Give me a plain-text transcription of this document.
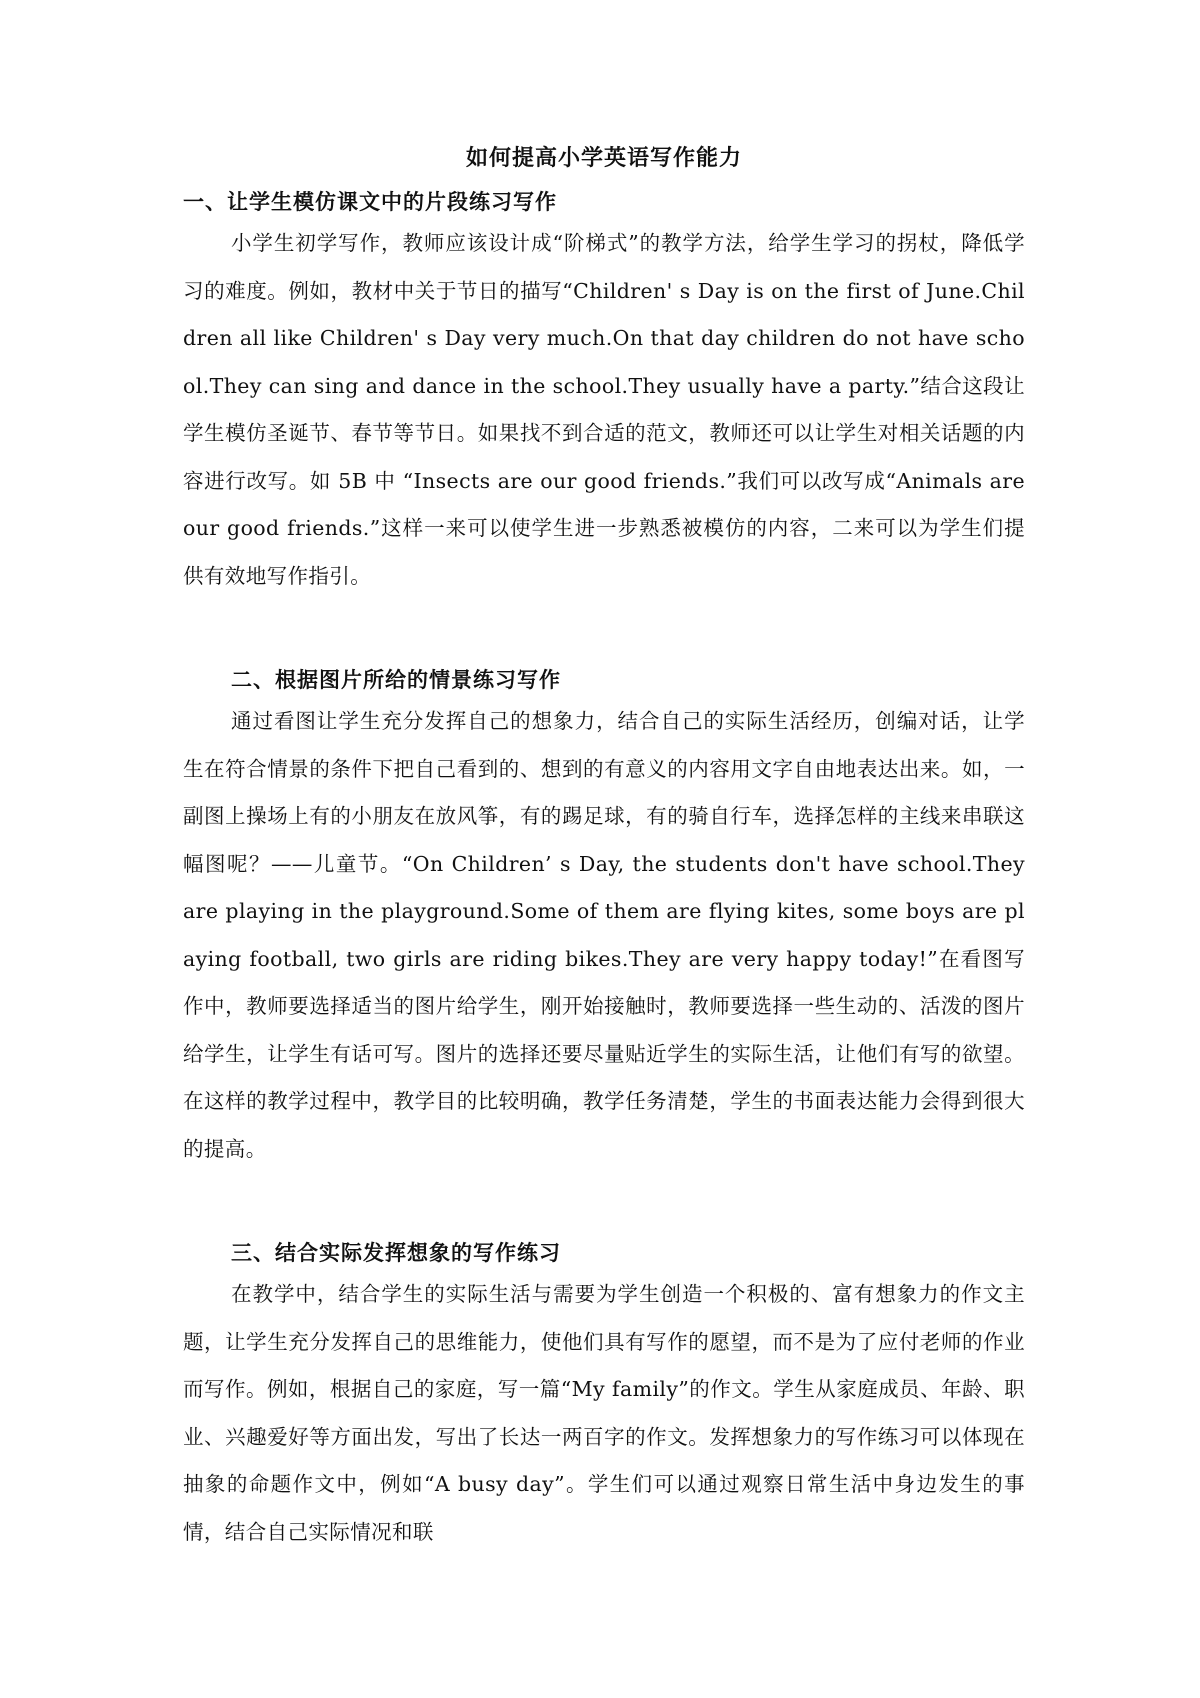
如何提高小学英语写作能力
一、让学生模仿课文中的片段练习写作

小学生初学写作，教师应该设计成“阶梯式”的教学方法，给学生学习的拐杖，降低学习的难度。例如，教材中关于节日的描写“Children' s Day is on the first of June.Children all like Children' s Day very much.On that day children do not have school.They can sing and dance in the school.They usually have a party.”结合这段让学生模仿圣诞节、春节等节日。如果找不到合适的范文，教师还可以让学生对相关话题的内容进行改写。如 5B 中 “Insects are our good friends.”我们可以改写成“Animals are our good friends.”这样一来可以使学生进一步熟悉被模仿的内容，二来可以为学生们提供有效地写作指引。

二、根据图片所给的情景练习写作

通过看图让学生充分发挥自己的想象力，结合自己的实际生活经历，创编对话，让学生在符合情景的条件下把自己看到的、想到的有意义的内容用文字自由地表达出来。如，一副图上操场上有的小朋友在放风筝，有的踢足球，有的骑自行车，选择怎样的主线来串联这幅图呢？——儿童节。“On Children’ s Day, the students don't have school.They are playing in the playground.Some of them are flying kites, some boys are playing football, two girls are riding bikes.They are very happy today!”在看图写作中，教师要选择适当的图片给学生，刚开始接触时，教师要选择一些生动的、活泼的图片给学生，让学生有话可写。图片的选择还要尽量贴近学生的实际生活，让他们有写的欲望。在这样的教学过程中，教学目的比较明确，教学任务清楚，学生的书面表达能力会得到很大的提高。

三、结合实际发挥想象的写作练习

在教学中，结合学生的实际生活与需要为学生创造一个积极的、富有想象力的作文主题，让学生充分发挥自己的思维能力，使他们具有写作的愿望，而不是为了应付老师的作业而写作。例如，根据自己的家庭，写一篇“My family”的作文。学生从家庭成员、年龄、职业、兴趣爱好等方面出发，写出了长达一两百字的作文。发挥想象力的写作练习可以体现在抽象的命题作文中，例如“A busy day”。学生们可以通过观察日常生活中身边发生的事情，结合自己实际情况和联
